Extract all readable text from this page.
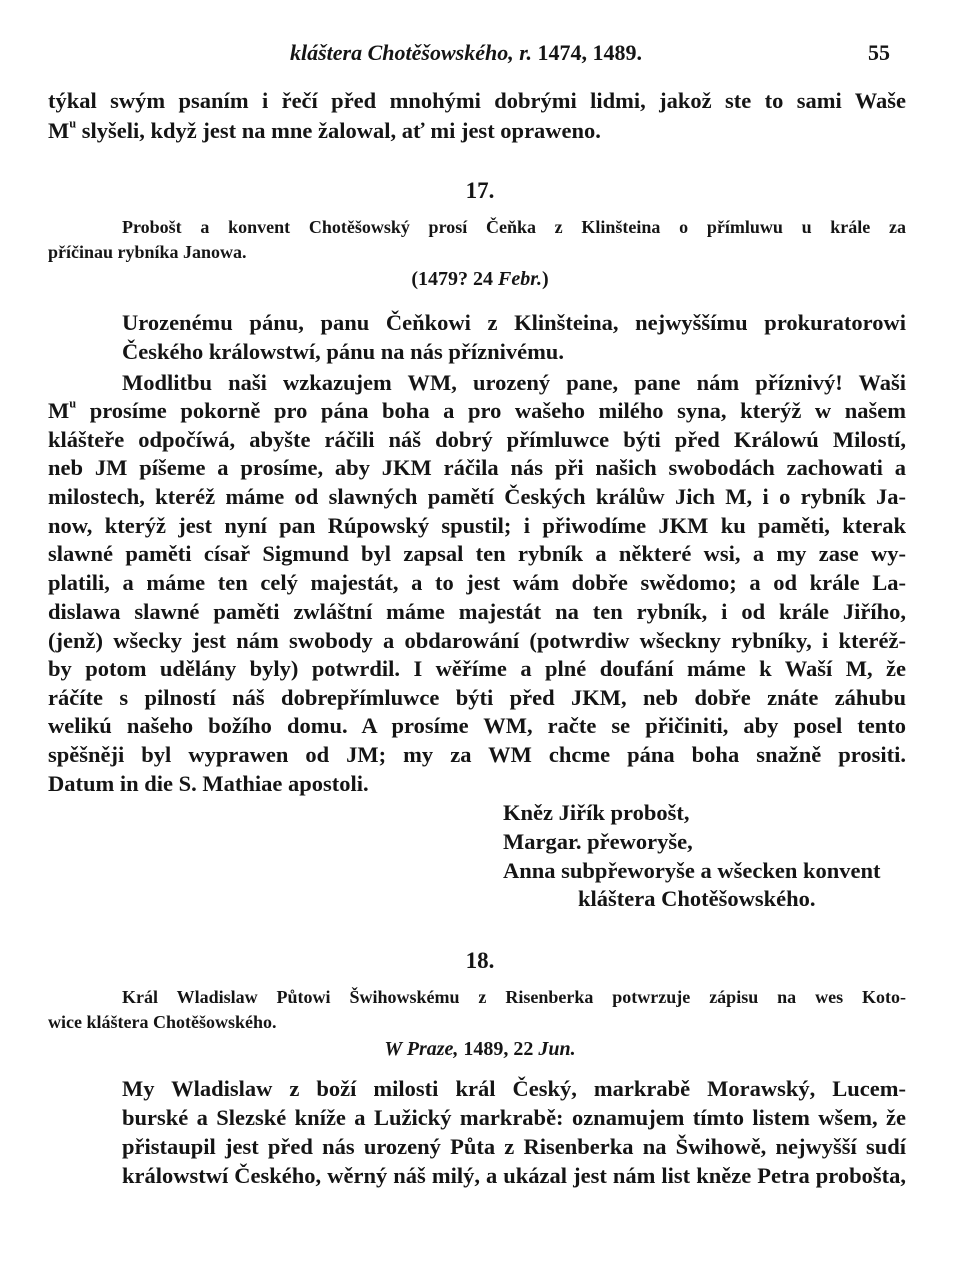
kláštera Chotěšowského, r. 1474, 1489.	55

týkal swým psaním i řečí před mnohými dobrými lidmi, jakož ste to sami Waše

$M^u$ slyšeli, když jest na mne žalowal, ať mi jest opraweno.

17.

Probošt a konvent Chotěšowský prosí Čeňka z Klinšteina o přímluwu u krále za

příčinau rybníka Janowa.

(1479? 24 Febr.)

Urozenému pánu, panu Čeňkowi z Klinšteina, nejwyššímu prokuratorowi

Českého králowstwí, pánu na nás příznivému.

Modlitbu naši wzkazujem WM, urozený pane, pane nám příznivý! Waši

$M^u$ prosíme pokorně pro pána boha a pro wašeho milého syna, kterýž w našem

klášteře odpočíwá, abyšte ráčili náš dobrý přímluwce býti před Králowú Milostí,

neb JM píšeme a prosíme, aby JKM ráčila nás při našich swobodách zachowati a

milostech, kteréž máme od slawných pamětí Českých králůw Jich M, i o rybník Ja-

now, kterýž jest nyní pan Rúpowský spustil; i přiwodíme JKM ku paměti, kterak

slawné paměti císař Sigmund byl zapsal ten rybník a některé wsi, a my zase wy-

platili, a máme ten celý majestát, a to jest wám dobře swědomo; a od krále La-

dislawa slawné paměti zwláštní máme majestát na ten rybník, i od krále Jiřího,

(jenž) wšecky jest nám swobody a obdarowání (potwrdiw wšeckny rybníky, i kteréž-

by potom udělány byly) potwrdil. I wěříme a plné doufání máme k Waší M, že

ráčíte s pilností náš dobrepřímluwce býti před JKM, neb dobře znáte záhubu

welikú našeho božího domu. A prosíme WM, račte se přičiniti, aby posel tento

spěšněji byl wyprawen od JM; my za WM chcme pána boha snažně prositi.

Datum in die S. Mathiae apostoli.

Kněz Jiřík probošt,

Margar. přeworyše,

Anna subpřeworyše a wšecken konvent

kláštera Chotěšowského.

18.

Král Wladislaw Půtowi Šwihowskému z Risenberka potwrzuje zápisu na wes Koto-

wice kláštera Chotěšowského.

W Praze, 1489, 22 Jun.

My Wladislaw z boží milosti král Český, markrabě Morawský, Lucem-

burské a Slezské kníže a Lužický markrabě: oznamujem tímto listem wšem, že

přistaupil jest před nás urozený Půta z Risenberka na Šwihowě, nejwyšší sudí

králowstwí Českého, wěrný náš milý, a ukázal jest nám list kněze Petra probošta,
